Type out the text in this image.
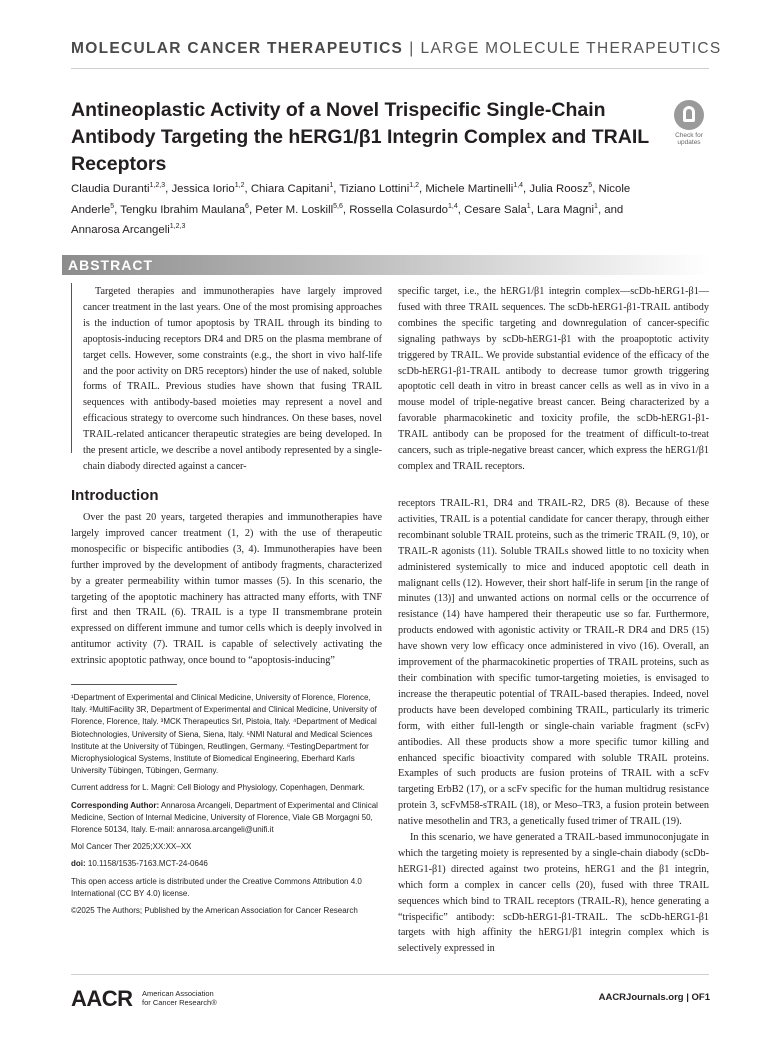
MOLECULAR CANCER THERAPEUTICS | LARGE MOLECULE THERAPEUTICS
Antineoplastic Activity of a Novel Trispecific Single-Chain Antibody Targeting the hERG1/β1 Integrin Complex and TRAIL Receptors
Check for updates
Claudia Duranti$^{1,2,3}$, Jessica Iorio$^{1,2}$, Chiara Capitani$^1$, Tiziano Lottini$^{1,2}$, Michele Martinelli$^{1,4}$, Julia Roosz$^5$, Nicole Anderle$^5$, Tengku Ibrahim Maulana$^6$, Peter M. Loskill$^{5,6}$, Rossella Colasurdo$^{1,4}$, Cesare Sala$^1$, Lara Magni$^1$, and Annarosa Arcangeli$^{1,2,3}$
ABSTRACT
Targeted therapies and immunotherapies have largely improved cancer treatment in the last years. One of the most promising approaches is the induction of tumor apoptosis by TRAIL through its binding to apoptosis-inducing receptors DR4 and DR5 on the plasma membrane of target cells. However, some constraints (e.g., the short in vivo half-life and the poor activity on DR5 receptors) hinder the use of naked, soluble forms of TRAIL. Previous studies have shown that fusing TRAIL sequences with antibody-based moieties may represent a novel and efficacious strategy to overcome such hindrances. On these bases, novel TRAIL-related anticancer therapeutic strategies are being developed. In the present article, we describe a novel antibody represented by a single-chain diabody directed against a cancer-
specific target, i.e., the hERG1/β1 integrin complex—scDb-hERG1-β1—fused with three TRAIL sequences. The scDb-hERG1-β1-TRAIL antibody combines the specific targeting and downregulation of cancer-specific signaling pathways by scDb-hERG1-β1 with the proapoptotic activity triggered by TRAIL. We provide substantial evidence of the efficacy of the scDb-hERG1-β1-TRAIL antibody to decrease tumor growth triggering apoptotic cell death in vitro in breast cancer cells as well as in vivo in a mouse model of triple-negative breast cancer. Being characterized by a favorable pharmacokinetic and toxicity profile, the scDb-hERG1-β1-TRAIL antibody can be proposed for the treatment of difficult-to-treat cancers, such as triple-negative breast cancer, which express the hERG1/β1 complex and TRAIL receptors.
Introduction
Over the past 20 years, targeted therapies and immunotherapies have largely improved cancer treatment (1, 2) with the use of therapeutic monospecific or bispecific antibodies (3, 4). Immunotherapies have been further improved by the development of antibody fragments, characterized by a greater permeability within tumor masses (5). In this scenario, the targeting of the apoptotic machinery has attracted many efforts, with TNF first and then TRAIL (6). TRAIL is a type II transmembrane protein expressed on different immune and tumor cells which is deeply involved in antitumor activity (7). TRAIL is capable of selectively activating the extrinsic apoptotic pathway, once bound to “apoptosis-inducing”
receptors TRAIL-R1, DR4 and TRAIL-R2, DR5 (8). Because of these activities, TRAIL is a potential candidate for cancer therapy, through either recombinant soluble TRAIL proteins, such as the trimeric TRAIL (9, 10), or TRAIL-R agonists (11). Soluble TRAILs showed little to no toxicity when administered systemically to mice and induced apoptotic cell death in malignant cells (12). However, their short half-life in serum [in the range of minutes (13)] and unwanted actions on normal cells or the occurrence of resistance (14) have hampered their therapeutic use so far. Furthermore, products endowed with agonistic activity or TRAIL-R DR4 and DR5 (15) have shown very low efficacy once administered in vivo (16). Overall, an improvement of the pharmacokinetic properties of TRAIL proteins, such as their combination with specific tumor-targeting moieties, is envisaged to increase the therapeutic potential of TRAIL-based therapies. Indeed, novel products have been developed combining TRAIL, particularly its trimeric form, with either full-length or single-chain variable fragment (scFv) antibodies. All these products show a more specific tumor killing and enhanced specific bioactivity compared with soluble TRAIL proteins. Examples of such products are fusion proteins of TRAIL with a scFv targeting ErbB2 (17), or a scFv specific for the human multidrug resistance protein 3, scFvM58-sTRAIL (18), or Meso–TR3, a fusion protein between native mesothelin and TR3, a genetically fused trimer of TRAIL (19).
In this scenario, we have generated a TRAIL-based immunoconjugate in which the targeting moiety is represented by a single-chain diabody (scDb-hERG1-β1) directed against two proteins, hERG1 and the β1 integrin, which form a complex in cancer cells (20), fused with three TRAIL sequences which bind to TRAIL receptors (TRAIL-R), hence generating a “trispecific” antibody: scDb-hERG1-β1-TRAIL. The scDb-hERG1-β1 targets with high affinity the hERG1/β1 integrin complex which is selectively expressed in

¹Department of Experimental and Clinical Medicine, University of Florence, Florence, Italy. ²MultiFacility 3R, Department of Experimental and Clinical Medicine, University of Florence, Florence, Italy. ³MCK Therapeutics Srl, Pistoia, Italy. ⁴Department of Medical Biotechnologies, University of Siena, Siena, Italy. ⁵NMI Natural and Medical Sciences Institute at the University of Tübingen, Reutlingen, Germany. ⁶TestingDepartment for Microphysiological Systems, Institute of Biomedical Engineering, Eberhard Karls University Tübingen, Tübingen, Germany.

Current address for L. Magni: Cell Biology and Physiology, Copenhagen, Denmark.

Corresponding Author: Annarosa Arcangeli, Department of Experimental and Clinical Medicine, Section of Internal Medicine, University of Florence, Viale GB Morgagni 50, Florence 50134, Italy. E-mail: annarosa.arcangeli@unifi.it

Mol Cancer Ther 2025;XX:XX–XX

doi: 10.1158/1535-7163.MCT-24-0646

This open access article is distributed under the Creative Commons Attribution 4.0 International (CC BY 4.0) license.

©2025 The Authors; Published by the American Association for Cancer Research

AACR American Association
for Cancer Research®	AACRJournals.org | OF1
